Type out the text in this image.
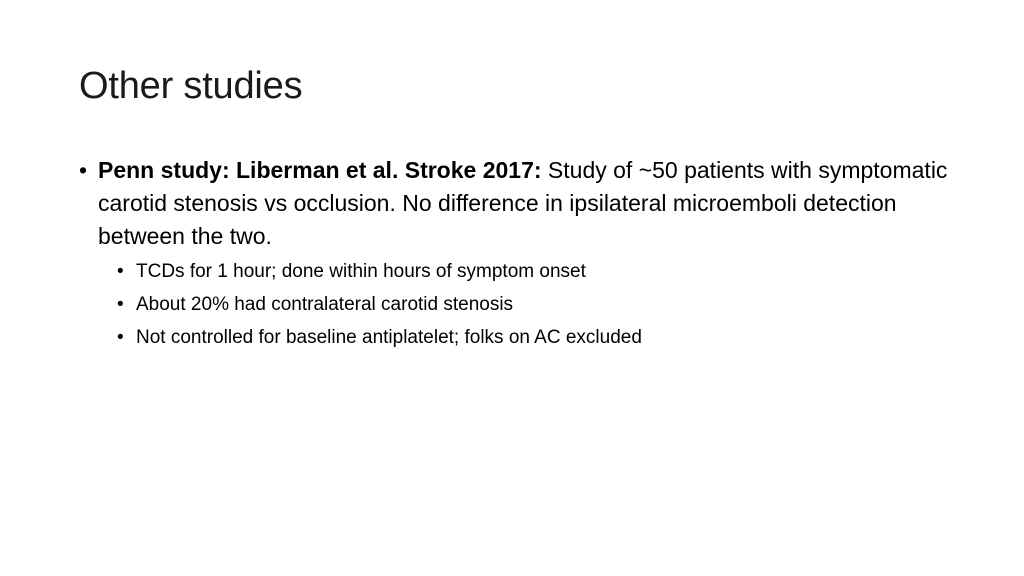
Other studies
• Penn study: Liberman et al. Stroke 2017: Study of ~50 patients with symptomatic carotid stenosis vs occlusion. No difference in ipsilateral microemboli detection between the two.
• TCDs for 1 hour; done within hours of symptom onset
• About 20% had contralateral carotid stenosis
• Not controlled for baseline antiplatelet; folks on AC excluded
